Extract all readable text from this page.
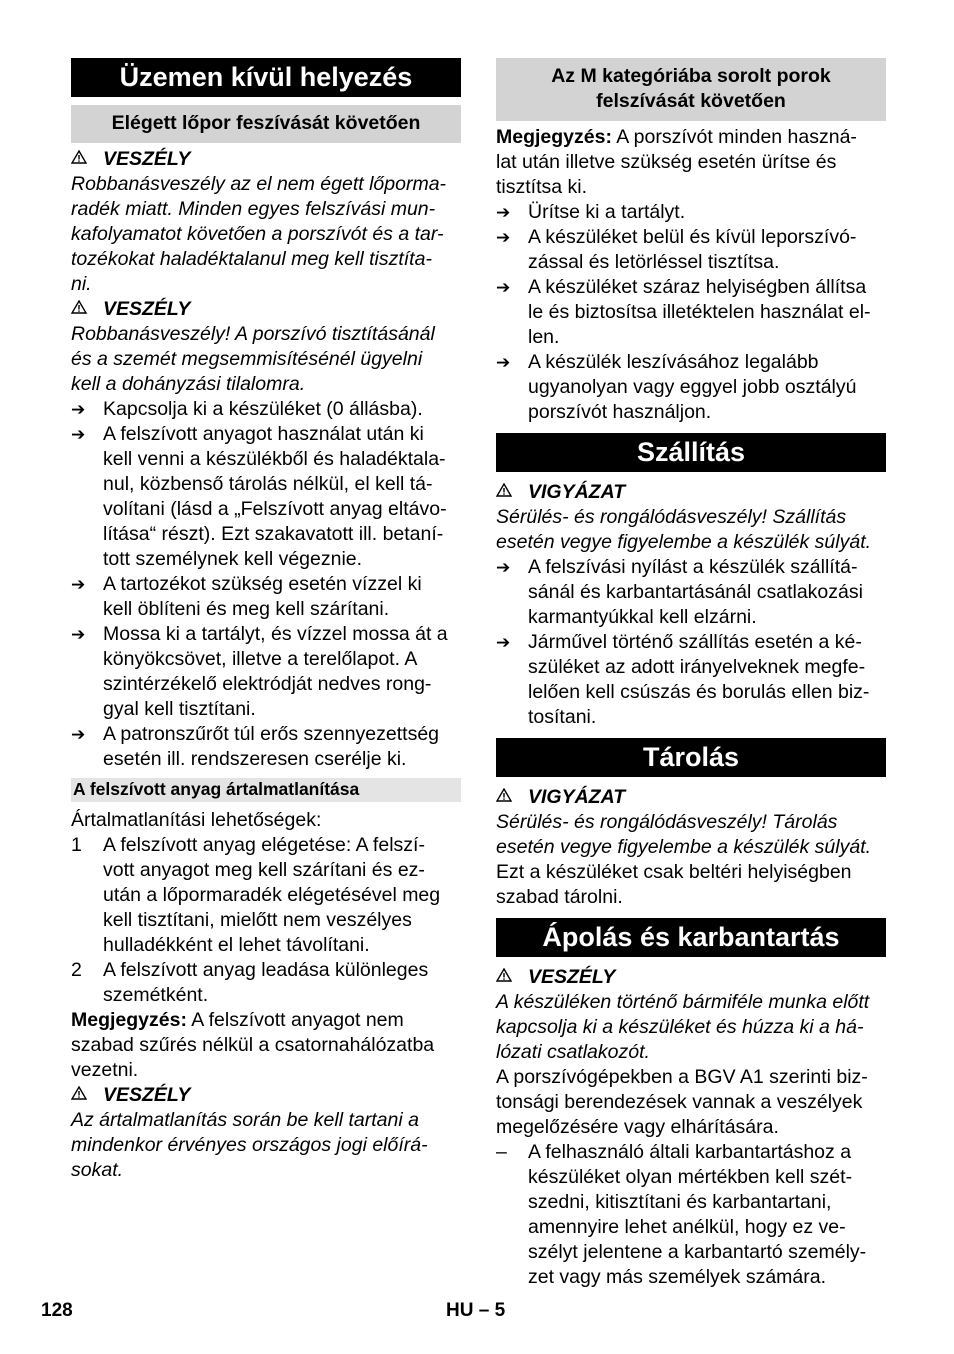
Üzemen kívül helyezés
Elégett lőpor feszívását követően
VESZÉLY

Robbanásveszély az el nem égett lőporma-

radék miatt. Minden egyes felszívási mun-

kafolyamatot követően a porszívót és a tar-

tozékokat haladéktalanul meg kell tisztíta-

ni.

VESZÉLY

Robbanásveszély! A porszívó tisztításánál

és a szemét megsemmisítésénél ügyelni

kell a dohányzási tilalomra.

➔ Kapcsolja ki a készüléket (0 állásba).

➔ A felszívott anyagot használat után ki

kell venni a készülékből és haladéktala-

nul, közbenső tárolás nélkül, el kell tá-

volítani (lásd a „Felszívott anyag eltávo-

lítása“ részt). Ezt szakavatott ill. betaní-

tott személynek kell végeznie.

➔ A tartozékot szükség esetén vízzel ki

kell öblíteni és meg kell szárítani.

➔ Mossa ki a tartályt, és vízzel mossa át a

könyökcsövet, illetve a terelőlapot. A

szintérzékelő elektródját nedves rong-

gyal kell tisztítani.

➔ A patronszűrőt túl erős szennyezettség

esetén ill. rendszeresen cserélje ki.

A felszívott anyag ártalmatlanítása

Ártalmatlanítási lehetőségek:

1	A felszívott anyag elégetése: A felszí-

vott anyagot meg kell szárítani és ez-

után a lőpormaradék elégetésével meg

kell tisztítani, mielőtt nem veszélyes

hulladékként el lehet távolítani.

2	A felszívott anyag leadása különleges

szemétként.

Megjegyzés: A felszívott anyagot nem

szabad szűrés nélkül a csatornahálózatba

vezetni.

VESZÉLY

Az ártalmatlanítás során be kell tartani a

mindenkor érvényes országos jogi előírá-

sokat.

Az M kategóriába sorolt porok
felszívását követően

Megjegyzés: A porszívót minden haszná-

lat után illetve szükség esetén ürítse és

tisztítsa ki.

➔ Ürítse ki a tartályt.

➔ A készüléket belül és kívül leporszívó-

zással és letörléssel tisztítsa.

➔ A készüléket száraz helyiségben állítsa

le és biztosítsa illetéktelen használat el-

len.

➔ A készülék leszívásához legalább

ugyanolyan vagy eggyel jobb osztályú

porszívót használjon.

Szállítás
VIGYÁZAT

Sérülés- és rongálódásveszély! Szállítás

esetén vegye figyelembe a készülék súlyát.

➔ A felszívási nyílást a készülék szállítá-

sánál és karbantartásánál csatlakozási

karmantyúkkal kell elzárni.

➔ Járművel történő szállítás esetén a ké-

szüléket az adott irányelveknek megfe-

lelően kell csúszás és borulás ellen biz-

tosítani.

Tárolás
VIGYÁZAT

Sérülés- és rongálódásveszély! Tárolás

esetén vegye figyelembe a készülék súlyát.

Ezt a készüléket csak beltéri helyiségben

szabad tárolni.

Ápolás és karbantartás
VESZÉLY

A készüléken történő bármiféle munka előtt

kapcsolja ki a készüléket és húzza ki a há-

lózati csatlakozót.

A porszívógépekben a BGV A1 szerinti biz-

tonsági berendezések vannak a veszélyek

megelőzésére vagy elhárítására.

–	A felhasználó általi karbantartáshoz a

készüléket olyan mértékben kell szét-

szedni, kitisztítani és karbantartani,

amennyire lehet anélkül, hogy ez ve-

szélyt jelentene a karbantartó személy-

zet vagy más személyek számára.

128	HU – 5
